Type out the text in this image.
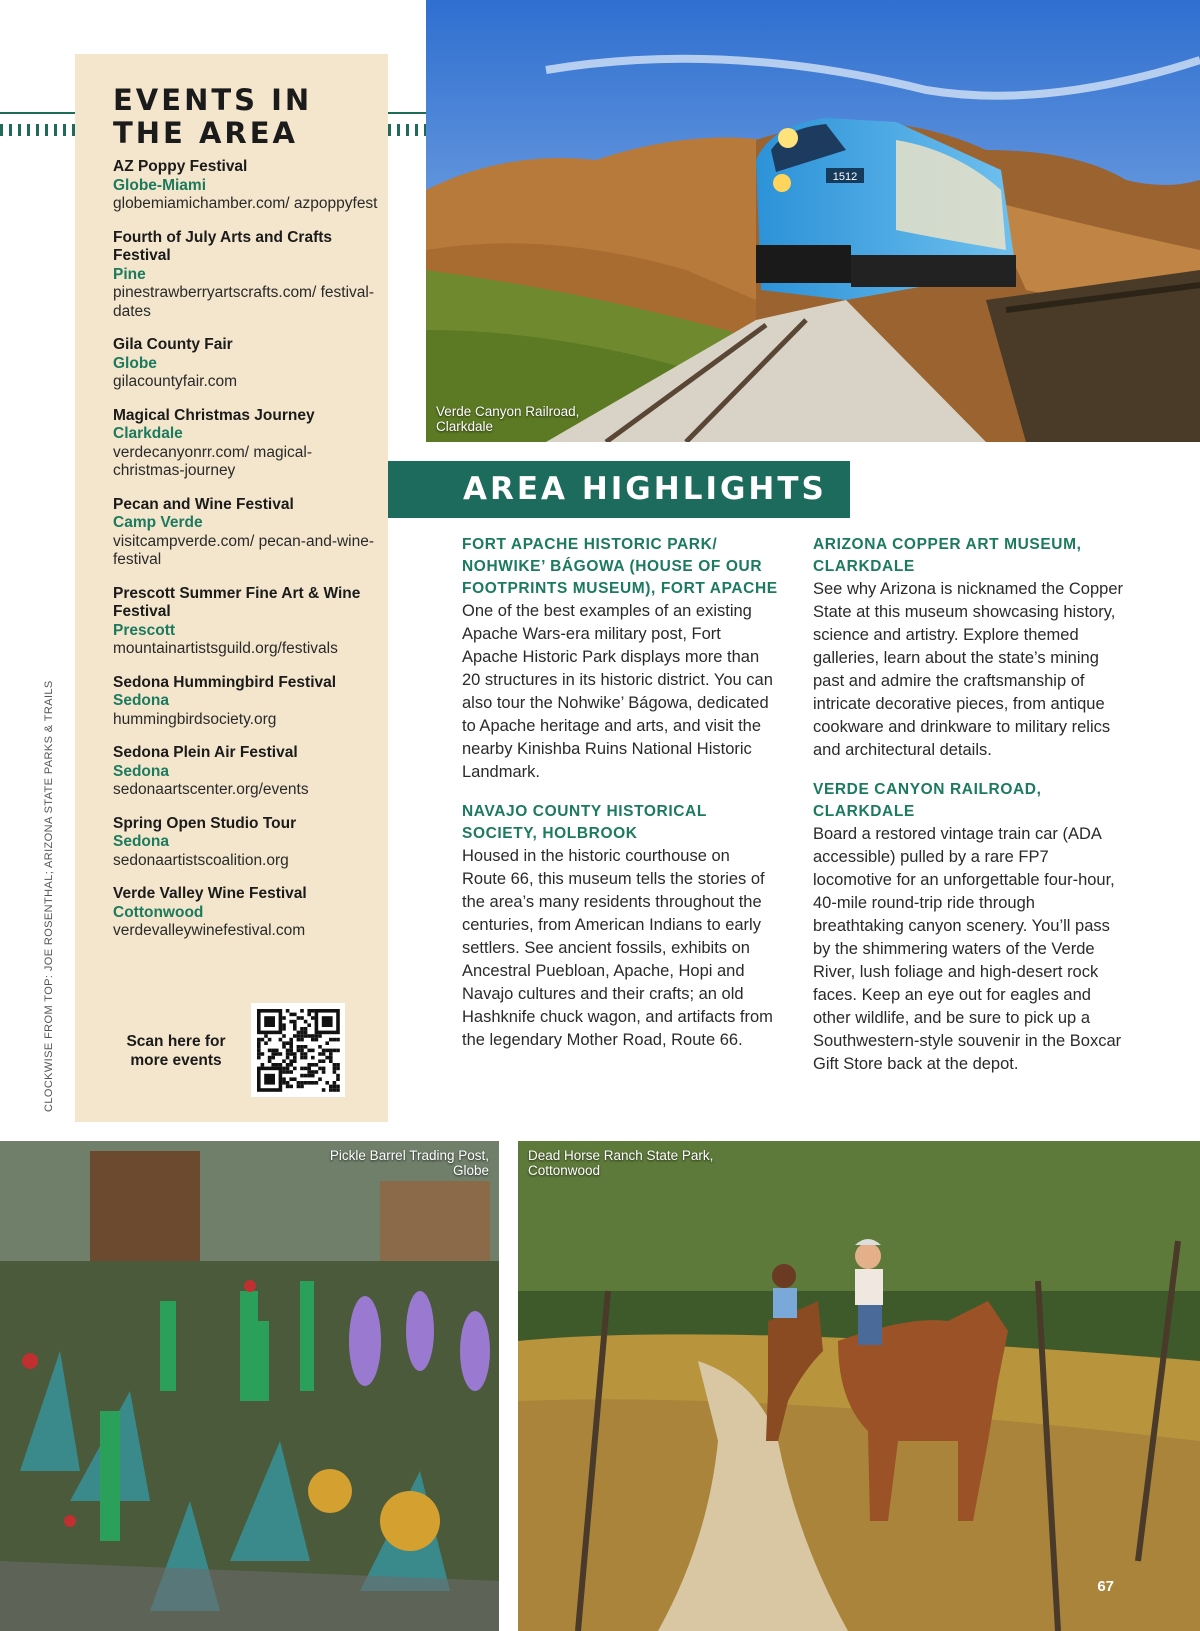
EVENTS IN THE AREA
AZ Poppy Festival
Globe-Miami
globemiamichamber.com/ azpoppyfest
Fourth of July Arts and Crafts Festival
Pine
pinestrawberryartscrafts.com/ festival-dates
Gila County Fair
Globe
gilacountyfair.com
Magical Christmas Journey
Clarkdale
verdecanyonrr.com/ magical-christmas-journey
Pecan and Wine Festival
Camp Verde
visitcampverde.com/ pecan-and-wine-festival
Prescott Summer Fine Art & Wine Festival
Prescott
mountainartistsguild.org/festivals
Sedona Hummingbird Festival
Sedona
hummingbirdsociety.org
Sedona Plein Air Festival
Sedona
sedonaartscenter.org/events
Spring Open Studio Tour
Sedona
sedonaartistscoalition.org
Verde Valley Wine Festival
Cottonwood
verdevalleywinefestival.com
Scan here for more events
CLOCKWISE FROM TOP: JOE ROSENTHAL; ARIZONA STATE PARKS & TRAILS
1512
Verde Canyon Railroad, Clarkdale
AREA HIGHLIGHTS
FORT APACHE HISTORIC PARK/ NOHWIKE’ BÁGOWA (HOUSE OF OUR FOOTPRINTS MUSEUM), FORT APACHE

One of the best examples of an existing Apache Wars-era military post, Fort Apache Historic Park displays more than 20 structures in its historic district. You can also tour the Nohwike’ Bágowa, dedicated to Apache heritage and arts, and visit the nearby Kinishba Ruins National Historic Landmark.

NAVAJO COUNTY HISTORICAL SOCIETY, HOLBROOK

Housed in the historic courthouse on Route 66, this museum tells the stories of the area’s many residents throughout the centuries, from American Indians to early settlers. See ancient fossils, exhibits on Ancestral Puebloan, Apache, Hopi and Navajo cultures and their crafts; an old Hashknife chuck wagon, and artifacts from the legendary Mother Road, Route 66.

ARIZONA COPPER ART MUSEUM, CLARKDALE

See why Arizona is nicknamed the Copper State at this museum showcasing history, science and artistry. Explore themed galleries, learn about the state’s mining past and admire the craftsmanship of intricate decorative pieces, from antique cookware and drinkware to military relics and architectural details.

VERDE CANYON RAILROAD, CLARKDALE

Board a restored vintage train car (ADA accessible) pulled by a rare FP7 locomotive for an unforgettable four-hour, 40-mile round-trip ride through breathtaking canyon scenery. You’ll pass by the shimmering waters of the Verde River, lush foliage and high-desert rock faces. Keep an eye out for eagles and other wildlife, and be sure to pick up a Southwestern-style souvenir in the Boxcar Gift Store back at the depot.

Pickle Barrel Trading Post, Globe
Dead Horse Ranch State Park, Cottonwood
67
